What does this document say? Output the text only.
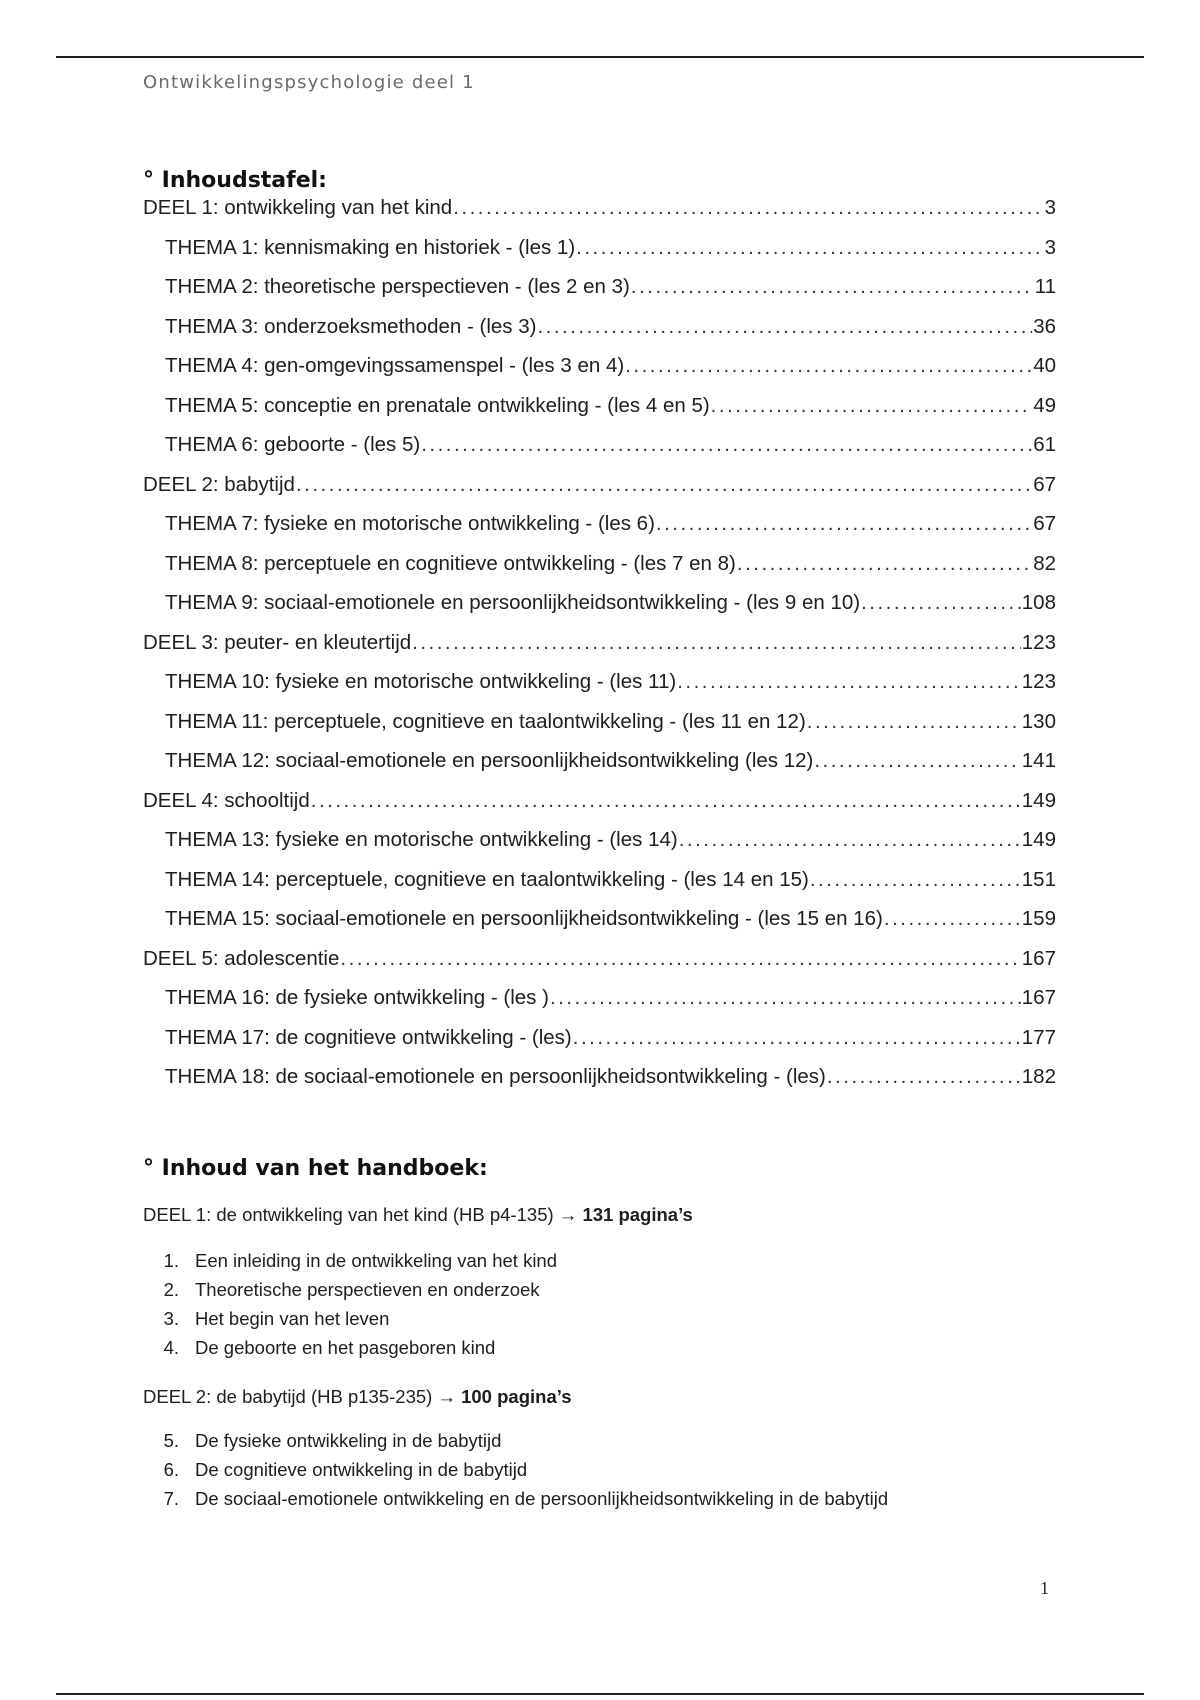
Ontwikkelingspsychologie deel 1
° Inhoudstafel:
DEEL 1: ontwikkeling van het kind . . .	3
THEMA 1: kennismaking en historiek - (les 1) . . .	3
THEMA 2: theoretische perspectieven - (les 2 en 3) . . .	11
THEMA 3: onderzoeksmethoden - (les 3) . . .	36
THEMA 4: gen-omgevingssamenspel - (les 3 en 4) . . .	40
THEMA 5: conceptie en prenatale ontwikkeling - (les 4 en 5) . . .	49
THEMA 6: geboorte - (les 5) . . .	61
DEEL 2: babytijd . . .	67
THEMA 7: fysieke en motorische ontwikkeling - (les 6) . . .	67
THEMA 8: perceptuele en cognitieve ontwikkeling - (les 7 en 8) . . .	82
THEMA 9: sociaal-emotionele en persoonlijkheidsontwikkeling - (les 9 en 10) . . .	108
DEEL 3: peuter- en kleutertijd . . .	123
THEMA 10: fysieke en motorische ontwikkeling - (les 11) . . .	123
THEMA 11: perceptuele, cognitieve en taalontwikkeling - (les 11 en 12) . . .	130
THEMA 12: sociaal-emotionele en persoonlijkheidsontwikkeling (les 12) . . .	141
DEEL 4: schooltijd . . .	149
THEMA 13: fysieke en motorische ontwikkeling - (les 14) . . .	149
THEMA 14: perceptuele, cognitieve en taalontwikkeling - (les 14 en 15) . . .	151
THEMA 15: sociaal-emotionele en persoonlijkheidsontwikkeling - (les 15 en 16) . . .	159
DEEL 5: adolescentie . . .	167
THEMA 16: de fysieke ontwikkeling - (les ) . . .	167
THEMA 17: de cognitieve ontwikkeling - (les) . . .	177
THEMA 18: de sociaal-emotionele en persoonlijkheidsontwikkeling - (les) . . .	182
° Inhoud van het handboek:
DEEL 1: de ontwikkeling van het kind (HB p4-135) → 131 pagina’s
1. Een inleiding in de ontwikkeling van het kind
2. Theoretische perspectieven en onderzoek
3. Het begin van het leven
4. De geboorte en het pasgeboren kind
DEEL 2: de babytijd (HB p135-235) → 100 pagina’s
5. De fysieke ontwikkeling in de babytijd
6. De cognitieve ontwikkeling in de babytijd
7. De sociaal-emotionele ontwikkeling en de persoonlijkheidsontwikkeling in de babytijd
1
